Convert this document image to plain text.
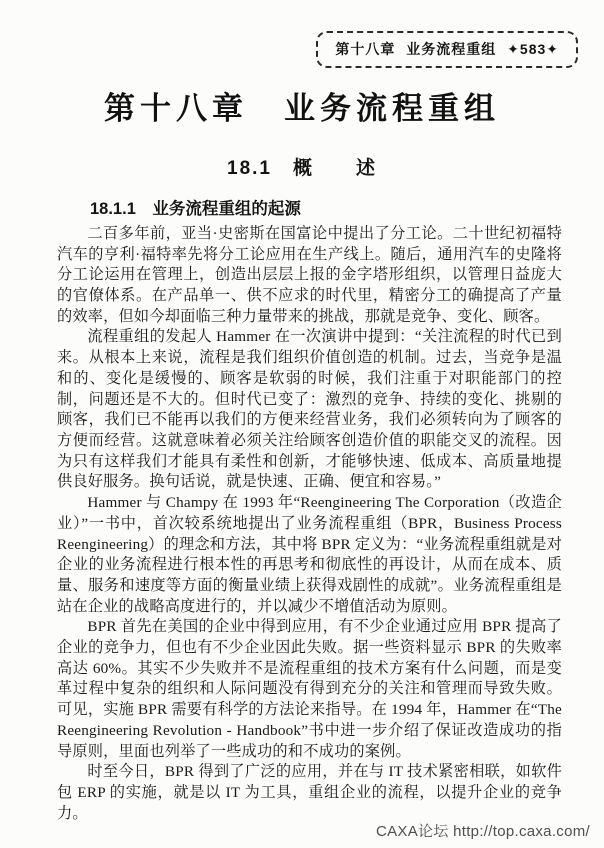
第十八章 业务流程重组 ✦583✦
第十八章　业务流程重组
18.1　概　　述
18.1.1　业务流程重组的起源

二百多年前，亚当·史密斯在国富论中提出了分工论。二十世纪初福特汽车的亨利·福特率先将分工论应用在生产线上。随后，通用汽车的史隆将分工论运用在管理上，创造出层层上报的金字塔形组织，以管理日益庞大的官僚体系。在产品单一、供不应求的时代里，精密分工的确提高了产量的效率，但如今却面临三种力量带来的挑战，那就是竞争、变化、顾客。

流程重组的发起人 Hammer 在一次演讲中提到：“关注流程的时代已到来。从根本上来说，流程是我们组织价值创造的机制。过去，当竞争是温和的、变化是缓慢的、顾客是软弱的时候，我们注重于对职能部门的控制，问题还是不大的。但时代已变了：激烈的竞争、持续的变化、挑剔的顾客，我们已不能再以我们的方便来经营业务，我们必须转向为了顾客的方便而经营。这就意味着必须关注给顾客创造价值的职能交叉的流程。因为只有这样我们才能具有柔性和创新，才能够快速、低成本、高质量地提供良好服务。换句话说，就是快速、正确、便宜和容易。”

Hammer 与 Champy 在 1993 年“Reengineering The Corporation（改造企业）”一书中，首次较系统地提出了业务流程重组（BPR，Business Process Reengineering）的理念和方法，其中将 BPR 定义为：“业务流程重组就是对企业的业务流程进行根本性的再思考和彻底性的再设计，从而在成本、质量、服务和速度等方面的衡量业绩上获得戏剧性的成就”。业务流程重组是站在企业的战略高度进行的，并以减少不增值活动为原则。

BPR 首先在美国的企业中得到应用，有不少企业通过应用 BPR 提高了企业的竞争力，但也有不少企业因此失败。据一些资料显示 BPR 的失败率高达 60%。其实不少失败并不是流程重组的技术方案有什么问题，而是变革过程中复杂的组织和人际问题没有得到充分的关注和管理而导致失败。可见，实施 BPR 需要有科学的方法论来指导。在 1994 年，Hammer 在“The Reengineering Revolution - Handbook”书中进一步介绍了保证改造成功的指导原则，里面也列举了一些成功的和不成功的案例。

时至今日，BPR 得到了广泛的应用，并在与 IT 技术紧密相联，如软件包 ERP 的实施，就是以 IT 为工具，重组企业的流程，以提升企业的竞争力。

CAXA论坛 http://top.caxa.com/
